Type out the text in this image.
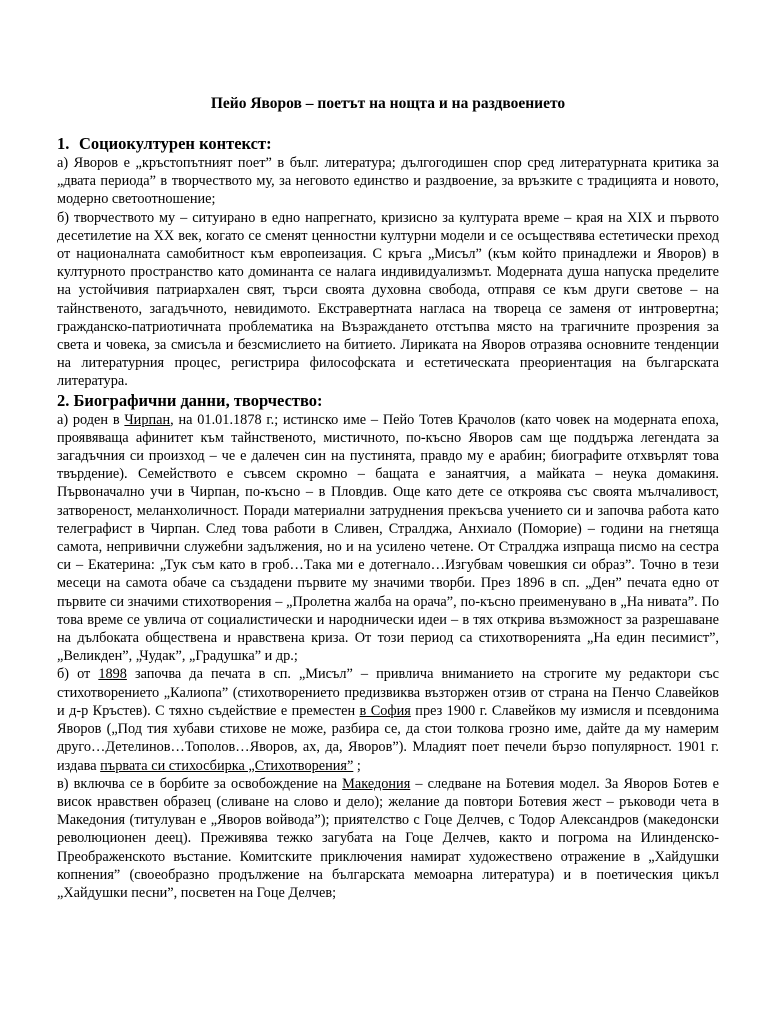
Пейо Яворов – поетът на нощта и на раздвоението
1. Социокултурен контекст:

а) Яворов е „кръстопътният поет” в бълг. литература; дългогодишен спор сред литературната критика за „двата периода” в творчеството му, за неговото единство и раздвоение, за връзките с традицията и новото, модерно светоотношение;

б) творчеството му – ситуирано в едно напрегнато, кризисно за културата време – края на XIX и първото десетилетие на XX век, когато се сменят ценностни културни модели и се осъществява естетически преход от националната самобитност към европеизация. С кръга „Мисъл” (към който принадлежи и Яворов) в културното пространство като доминанта се налага индивидуализмът. Модерната душа напуска пределите на устойчивия патриархален свят, търси своята духовна свобода, отправя се към други светове – на тайнственото, загадъчното, невидимото. Екстравертната нагласа на твореца се заменя от интровертна; гражданско-патриотичната проблематика на Възраждането отстъпва място на трагичните прозрения за света и човека, за смисъла и безсмислието на битието. Лириката на Яворов отразява основните тенденции на литературния процес, регистрира философската и естетическата преориентация на българската литература.

2. Биографични данни, творчество:

а) роден в Чирпан, на 01.01.1878 г.; истинско име – Пейо Тотев Крачолов (като човек на модерната епоха, проявяваща афинитет към тайнственото, мистичното, по-късно Яворов сам ще поддържа легендата за загадъчния си произход – че е далечен син на пустинята, правдо му е арабин; биографите отхвърлят това твърдение). Семейството е съвсем скромно – бащата е занаятчия, а майката – неука домакиня. Първоначално учи в Чирпан, по-късно – в Пловдив. Още като дете се откроява със своята мълчаливост, затвореност, меланхоличност. Поради материални затруднения прекъсва учението си и започва работа като телеграфист в Чирпан. След това работи в Сливен, Стралджа, Анхиало (Поморие) – години на гнетяща самота, непривични служебни задължения, но и на усилено четене. От Стралджа изпраща писмо на сестра си – Екатерина: „Тук съм като в гроб…Така ми е дотегнало…Изгубвам човешкия си образ”. Точно в тези месеци на самота обаче са създадени първите му значими творби. През 1896 в сп. „Ден” печата едно от първите си значими стихотворения – „Пролетна жалба на орача”, по-късно преименувано в „На нивата”. По това време се увлича от социалистически и народнически идеи – в тях открива възможност за разрешаване на дълбоката обществена и нравствена криза. От този период са стихотворенията „На един песимист”, „Великден”, „Чудак”, „Градушка” и др.;

б) от 1898 започва да печата в сп. „Мисъл” – привлича вниманието на строгите му редактори със стихотворението „Калиопа” (стихотворението предизвиква възторжен отзив от страна на Пенчо Славейков и д-р Кръстев). С тяхно съдействие е преместен в София през 1900 г. Славейков му измисля и псевдонима Яворов („Под тия хубави стихове не може, разбира се, да стои толкова грозно име, дайте да му намерим друго…Детелинов…Тополов…Яворов, ах, да, Яворов”). Младият поет печели бързо популярност. 1901 г. издава първата си стихосбирка „Стихотворения” ;

в) включва се в борбите за освобождение на Македония – следване на Ботевия модел. За Яворов Ботев е висок нравствен образец (сливане на слово и дело); желание да повтори Ботевия жест – ръководи чета в Македония (титулуван е „Яворов войвода”); приятелство с Гоце Делчев, с Тодор Александров (македонски революционен деец). Преживява тежко загубата на Гоце Делчев, както и погрома на Илинденско-Преображенското въстание. Комитските приключения намират художествено отражение в „Хайдушки копнения” (своеобразно продължение на българската мемоарна литература) и в поетическия цикъл „Хайдушки песни”, посветен на Гоце Делчев;
